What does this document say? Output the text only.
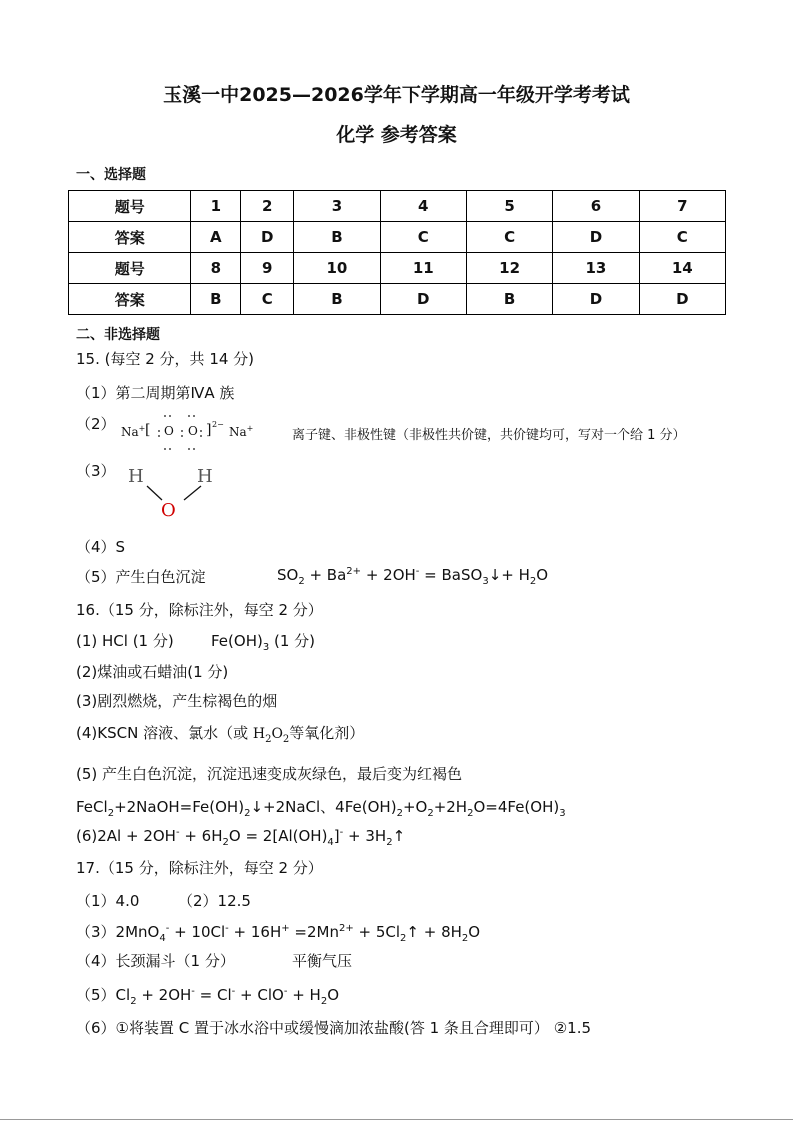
玉溪一中2025—2026学年下学期高一年级开学考考试
化学 参考答案
一、选择题
题号	1	2	3	4	5	6	7
答案	A	D	B	C	C	D	C
题号	8	9	10	11	12	13	14
答案	B	C	B	D	B	D	D
二、非选择题
15. (每空 2 分，共 14 分)
（1）第二周期第ⅣA 族
（2） Na+ [ O O ] 2−
Na+	离子键、非极性键（非极性共价键，共价键均可，写对一个给 1 分）
（3） H	H
O
（4）S
（5）产生白色沉淀	$SO_2 + Ba^{2+} + 2OH^-$ = BaSO$_3$↓+ $H_2O$
16.（15 分，除标注外，每空 2 分）
(1) HCl (1 分) $Fe(OH)_3$ (1 分)
(2)煤油或石蜡油(1 分)
(3)剧烈燃烧，产生棕褐色的烟
(4)KSCN 溶液、氯水（或 $H_2O_2$等氧化剂）
(5) 产生白色沉淀，沉淀迅速变成灰绿色，最后变为红褐色
$FeCl_2+2NaOH=Fe(OH)_2↓+2NaCl$、$4Fe(OH)_2+O_2+2H_2O=4Fe(OH)_3$
$(6)2Al + 2OH^- + 6H_2O = 2[Al(OH)_4]^-$ + $3H_2↑$
17.（15 分，除标注外，每空 2 分）
（1）4.0	（2）12.5
$(3)2MnO_4^- + 10Cl^- + 16H^+ =2Mn^{2+}$ + $5Cl_2↑ + 8H_2O$
（4）长颈漏斗（1 分）	平衡气压
$(5)Cl_2 + 2OH^- = Cl^- + ClO^- + H_2O$
（6）①将装置 C 置于冰水浴中或缓慢滴加浓盐酸(答 1 条且合理即可） ②1.5
